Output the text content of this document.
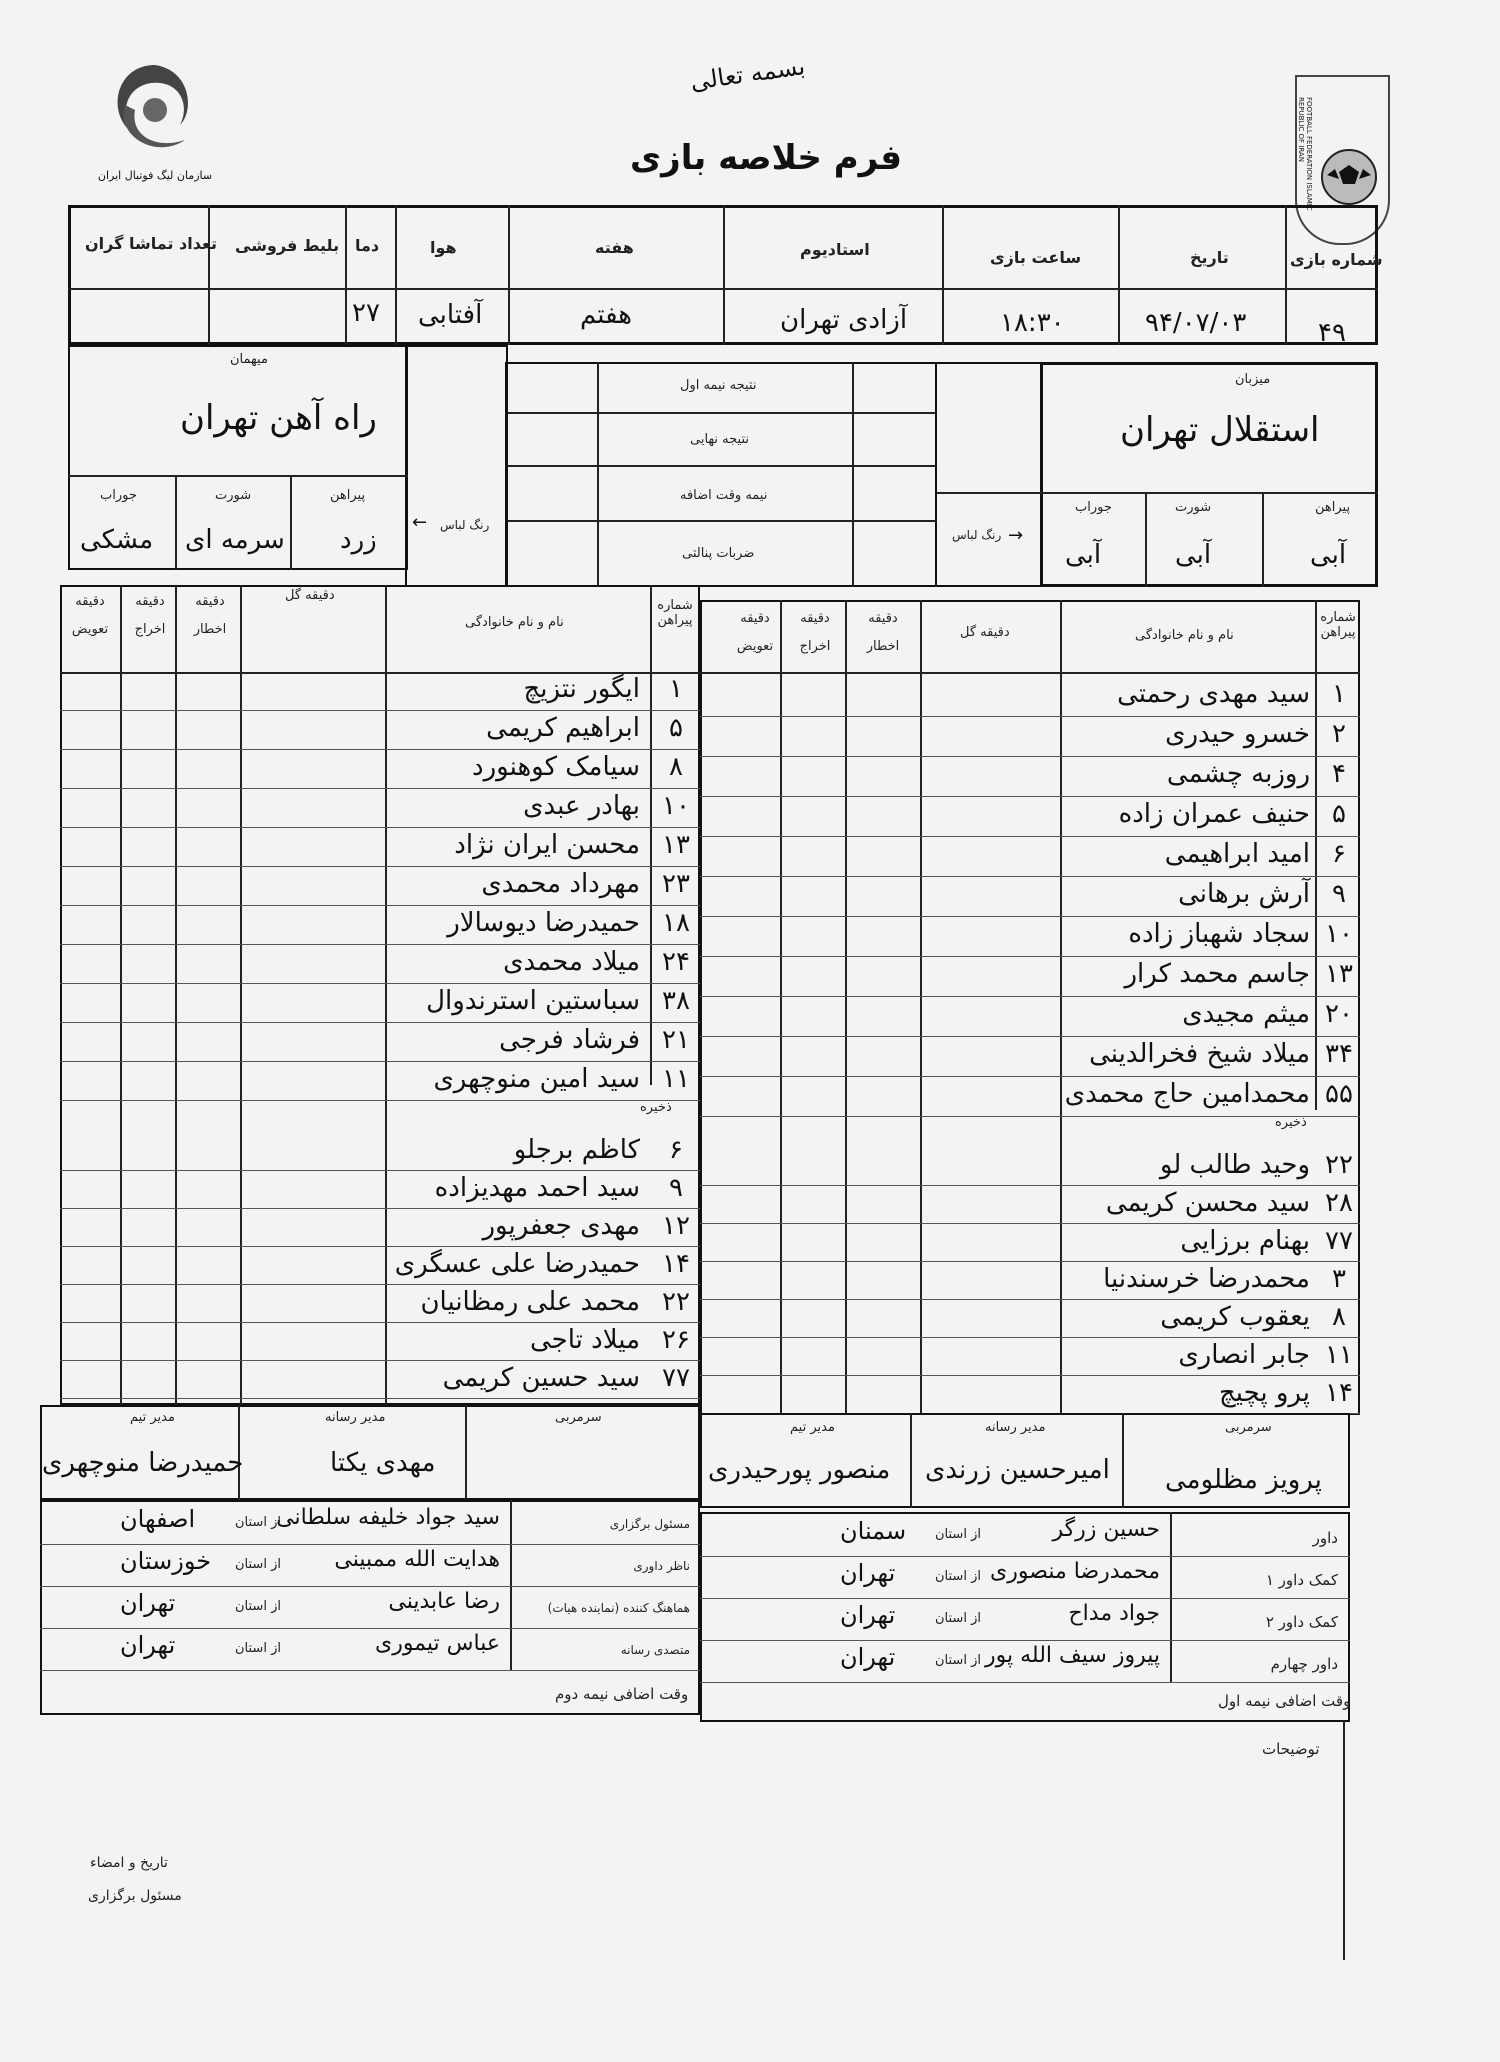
بسمه تعالی
فرم خلاصه بازی
سازمان لیگ فوتبال ایران	FOOTBALL FEDERATION ISLAMIC REPUBLIC OF IRAN
شماره بازی
تاریخ
ساعت بازی
استادیوم
هفته
هوا
دما
بلیط فروشی
تعداد تماشا گران
۴۹
۹۴/۰۷/۰۳
۱۸:۳۰
آزادی تهران
هفتم
آفتابی
۲۷
میزبان
استقلال تهران
پیراهن
شورت
جوراب
آبی
آبی
آبی
رنگ لباس →
نتیجه نیمه اول
نتیجه نهایی
نیمه وقت اضافه
ضربات پنالتی
رنگ لباس
←
میهمان
راه آهن تهران
پیراهن
شورت
جوراب
زرد
سرمه ای
مشکی
شماره پیراهن
نام و نام خانوادگی
دقیقه گل
دقیقه اخطار
دقیقه اخراج
دقیقه تعویض
۱
سید مهدی رحمتی
۲
خسرو حیدری
۴
روزبه چشمی
۵
حنیف عمران زاده
۶
امید ابراهیمی
۹
آرش برهانی
۱۰
سجاد شهباز زاده
۱۳
جاسم محمد کرار
۲۰
میثم مجیدی
۳۴
میلاد شیخ فخرالدینی
۵۵
محمدامین حاج محمدی
ذخیره
۲۲
وحید طالب لو
۲۸
سید محسن کریمی
۷۷
بهنام برزایی
۳
محمدرضا خرسندنیا
۸
یعقوب کریمی
۱۱
جابر انصاری
۱۴
پرو پچیچ
شماره پیراهن
نام و نام خانوادگی
دقیقه گل
دقیقه اخطار
دقیقه اخراج
دقیقه تعویض
۱
ایگور نتزیچ
۵
ابراهیم کریمی
۸
سیامک کوهنورد
۱۰
بهادر عبدی
۱۳
محسن ایران نژاد
۲۳
مهرداد محمدی
۱۸
حمیدرضا دیوسالار
۲۴
میلاد محمدی
۳۸
سباستین استرندوال
۲۱
فرشاد فرجی
۱۱
سید امین منوچهری
ذخیره
۶
کاظم برجلو
۹
سید احمد مهدیزاده
۱۲
مهدی جعفرپور
۱۴
حمیدرضا علی عسگری
۲۲
محمد علی رمظانیان
۲۶
میلاد تاجی
۷۷
سید حسین کریمی
سرمربی
مدیر رسانه
مدیر تیم
پرویز مظلومی
امیرحسین زرندی
منصور پورحیدری
سرمربی
مدیر رسانه
مدیر تیم
مهدی یکتا
حمیدرضا منوچهری
داور
حسین زرگر
از استان
سمنان
کمک داور ۱
محمدرضا منصوری
از استان
تهران
کمک داور ۲
جواد مداح
از استان
تهران
داور چهارم
پیروز سیف الله پور
از استان
تهران
وقت اضافی نیمه اول
مسئول برگزاری
سید جواد خلیفه سلطانی
از استان
اصفهان
ناظر داوری
هدایت الله ممبینی
از استان
خوزستان
هماهنگ کننده (نماینده هیات)
رضا عابدینی
از استان
تهران
متصدی رسانه
عباس تیموری
از استان
تهران
وقت اضافی نیمه دوم
توضیحات
تاریخ و امضاء
مسئول برگزاری
